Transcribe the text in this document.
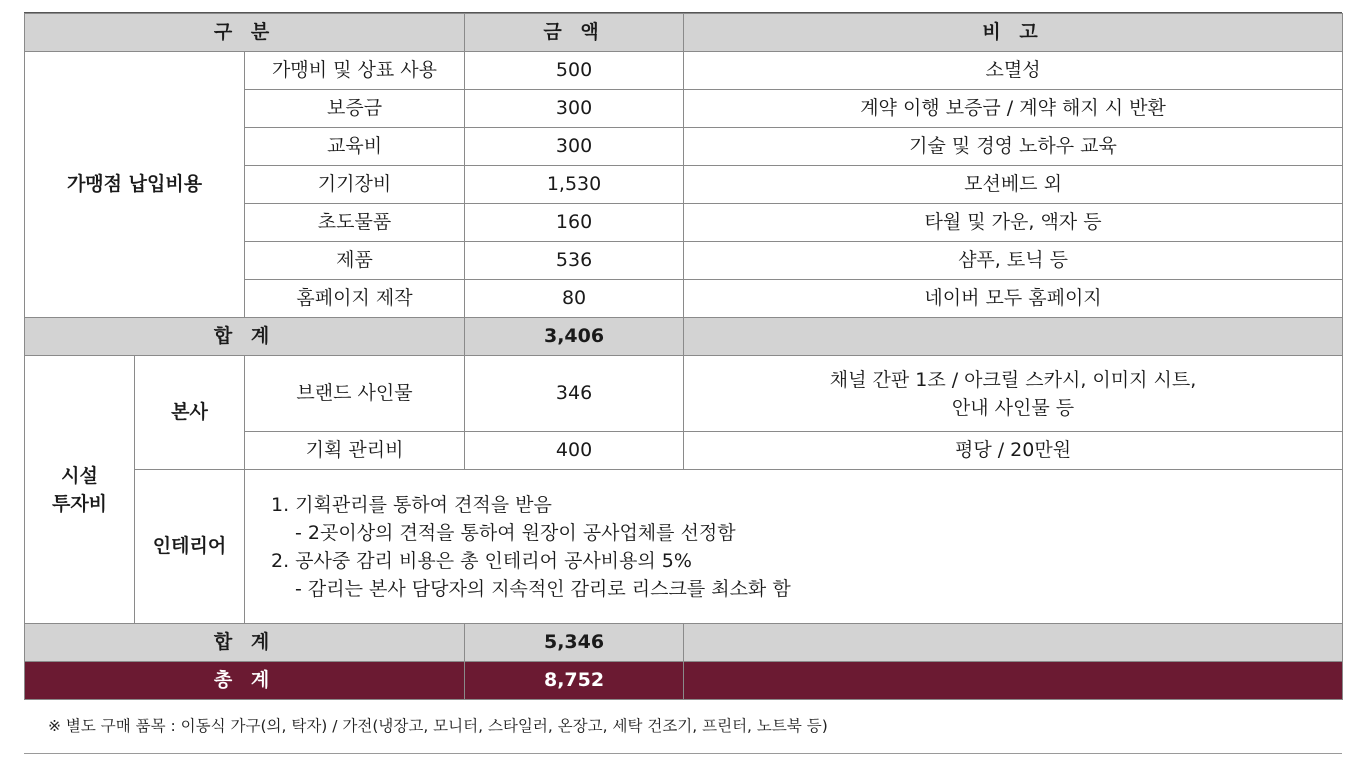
구 분			금 액	비 고
가맹점 납입비용		가맹비 및 상표 사용	500	소멸성
		보증금	300	계약 이행 보증금 / 계약 해지 시 반환
		교육비	300	기술 및 경영 노하우 교육
		기기장비	1,530	모션베드 외
		초도물품	160	타월 및 가운, 액자 등
		제품	536	샴푸, 토닉 등
		홈페이지 제작	80	네이버 모두 홈페이지
합 계			3,406	

시설
투자비	본사	브랜드 사인물	346	채널 간판 1조 / 아크릴 스카시, 이미지 시트,
안내 사인물 등

		기획 관리비	400	평당 / 20만원
	인테리어	1. 기획관리를 통하여 견적을 받음
- 2곳이상의 견적을 통하여 원장이 공사업체를 선정함
2. 공사중 감리 비용은 총 인테리어 공사비용의 5%
- 감리는 본사 담당자의 지속적인 감리로 리스크를 최소화 함		

합 계			5,346	
총 계			8,752	
※ 별도 구매 품목 : 이동식 가구(의, 탁자) / 가전(냉장고, 모니터, 스타일러, 온장고, 세탁 건조기, 프린터, 노트북 등)
